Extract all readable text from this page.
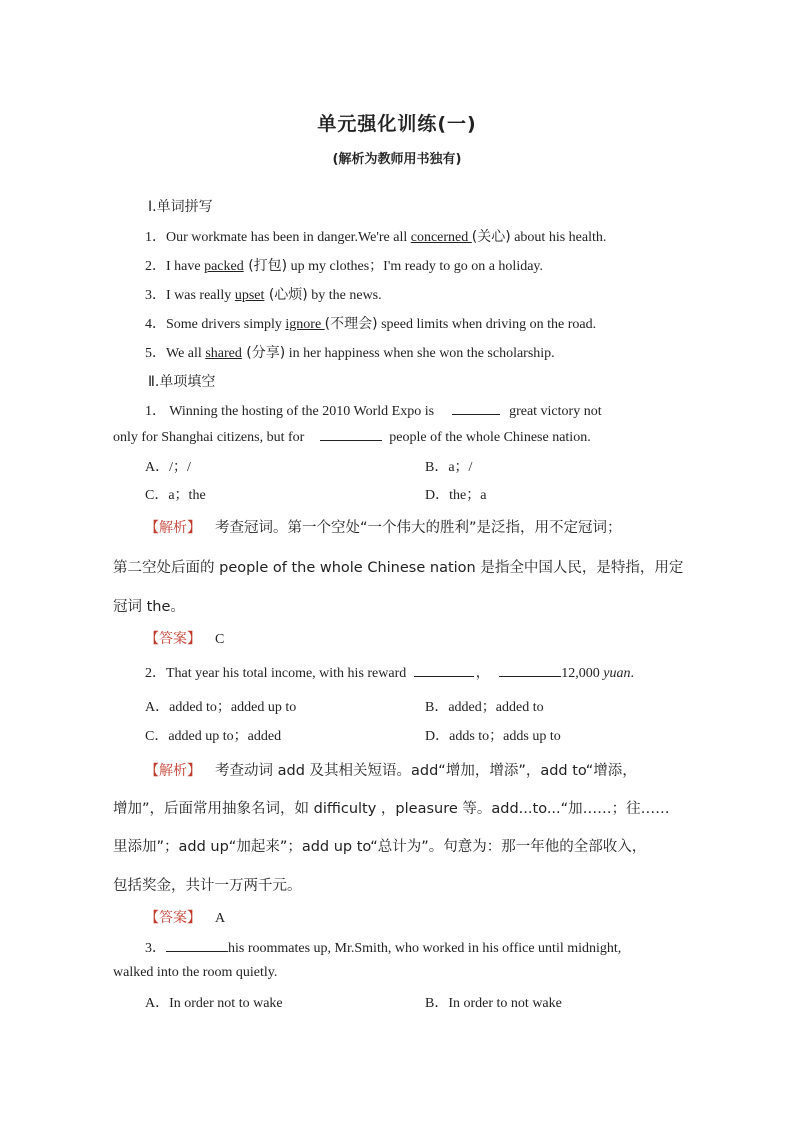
单元强化训练(一)
(解析为教师用书独有)
Ⅰ.单词拼写
1．Our workmate has been in danger.We're all concerned (关心) about his health.
2．I have packed (打包) up my clothes；I'm ready to go on a holiday.
3．I was really upset (心烦) by the news.
4．Some drivers simply ignore (不理会) speed limits when driving on the road.
5．We all shared (分享) in her happiness when she won the scholarship.
Ⅱ.单项填空
1． Winning the hosting of the 2010 World Expo is	great victory not
only for Shanghai citizens, but for	people of the whole Chinese nation.
A．/；/	B．a；/
C．a；the	D．the；a
【解析】 考查冠词。第一个空处“一个伟大的胜利”是泛指，用不定冠词；
第二空处后面的 people of the whole Chinese nation 是指全中国人民，是特指，用定
冠词 the。
【答案】 C
2．That year his total income, with his reward	，	12,000 yuan.
A．added to；added up to	B．added；added to
C．added up to；added	D．adds to；adds up to
【解析】 考查动词 add 及其相关短语。add“增加，增添”，add to“增添，
增加”，后面常用抽象名词，如 difficulty ，pleasure 等。add...to...“加……；往……
里添加”；add up“加起来”；add up to“总计为”。句意为：那一年他的全部收入，
包括奖金，共计一万两千元。
【答案】 A
3．	his roommates up, Mr.Smith, who worked in his office until midnight,
walked into the room quietly.
A．In order not to wake	B．In order to not wake
